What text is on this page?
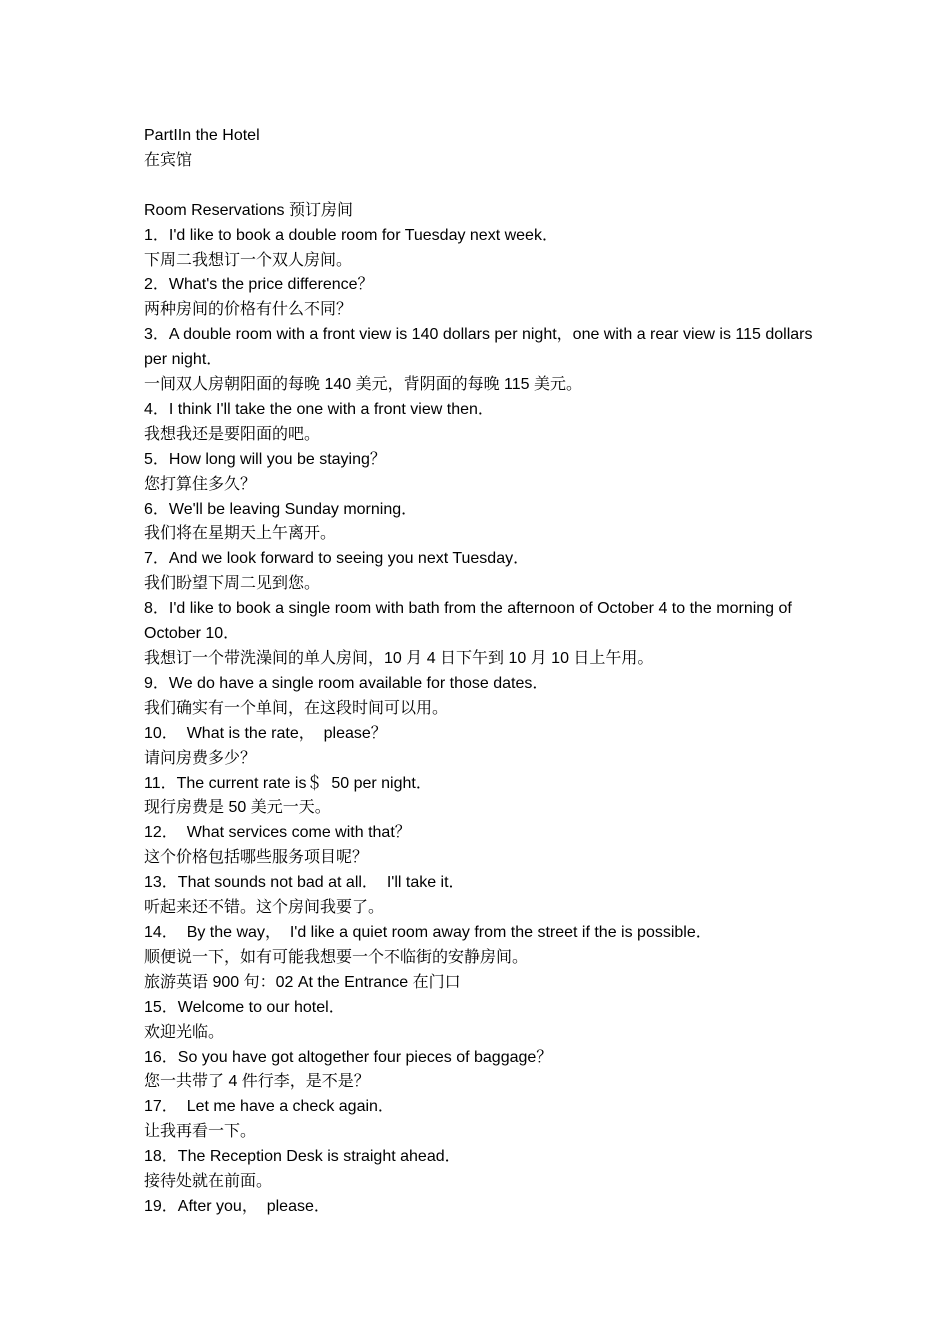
PartIIn the Hotel

在宾馆

Room Reservations 预订房间

1．I'd like to book a double room for Tuesday next week．

下周二我想订一个双人房间。

2．What's the price difference？

两种房间的价格有什么不同？

3．A double room with a front view is 140 dollars per night，one with a rear view is 115 dollars per night．

一间双人房朝阳面的每晚 140 美元，背阴面的每晚 115 美元。

4．I think I'll take the one with a front view then．

我想我还是要阳面的吧。

5．How long will you be staying？

您打算住多久？

6．We'll be leaving Sunday morning．

我们将在星期天上午离开。

7．And we look forward to seeing you next Tuesday．

我们盼望下周二见到您。

8．I'd like to book a single room with bath from the afternoon of October 4 to the morning of October 10．

我想订一个带洗澡间的单人房间，10 月 4 日下午到 10 月 10 日上午用。

9．We do have a single room available for those dates．

我们确实有一个单间，在这段时间可以用。

10．  What is the rate，  please？

请问房费多少？

11．The current rate is＄  50 per night．

现行房费是 50 美元一天。

12．  What services come with that？

这个价格包括哪些服务项目呢？

13．That sounds not bad at all．  I'll take it．

听起来还不错。这个房间我要了。

14．  By the way，  I'd like a quiet room away from the street if the is possible．

顺便说一下，如有可能我想要一个不临街的安静房间。

旅游英语 900 句：02 At the Entrance 在门口

15．Welcome to our hotel．

欢迎光临。

16．So you have got altogether four pieces of baggage？

您一共带了 4 件行李，是不是？

17．  Let me have a check again．

让我再看一下。

18．The Reception Desk is straight ahead．

接待处就在前面。

19．After you，  please．
